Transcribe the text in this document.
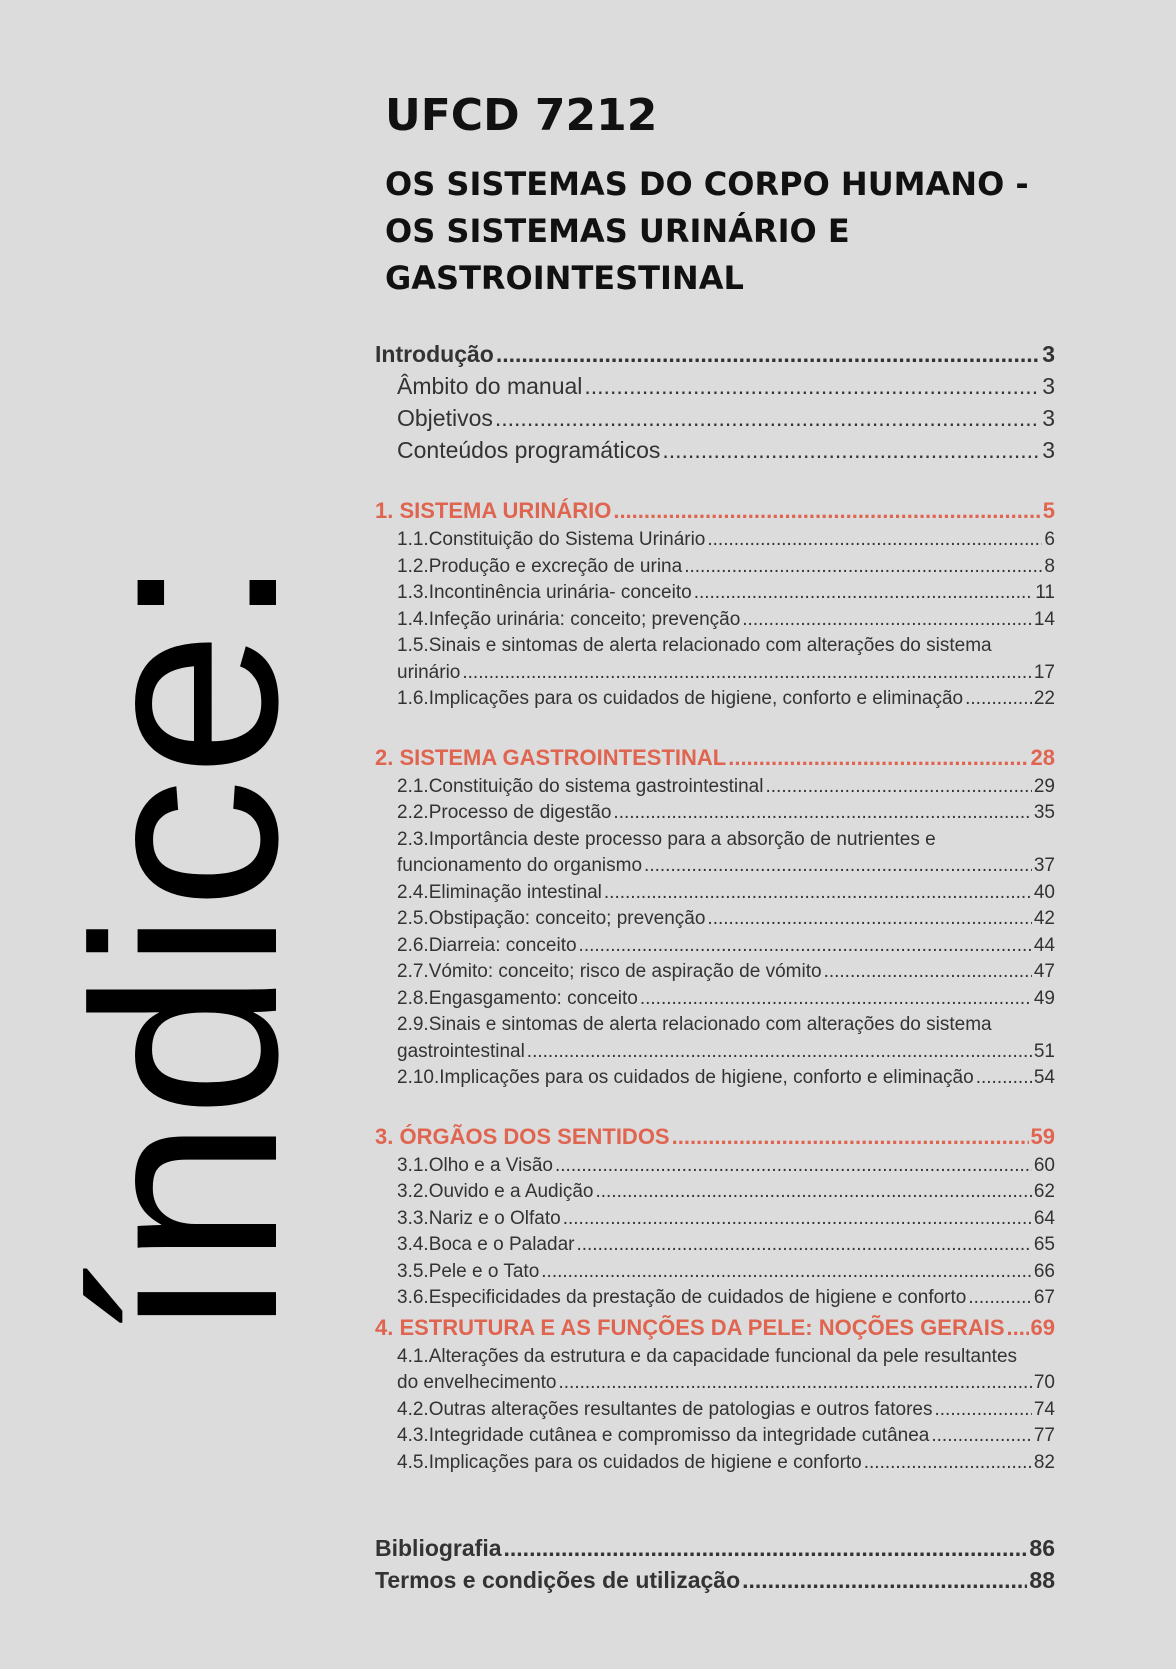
índice:
UFCD 7212
OS SISTEMAS DO CORPO HUMANO - OS SISTEMAS URINÁRIO E GASTROINTESTINAL
Introdução .....	3
Âmbito do manual .....	3
Objetivos .....	3
Conteúdos programáticos .....	3
1. SISTEMA URINÁRIO .....	5
1.1.Constituição do Sistema Urinário .....	6
1.2.Produção e excreção de urina .....	8
1.3.Incontinência urinária- conceito .....	11
1.4.Infeção urinária: conceito; prevenção .....	14
1.5.Sinais e sintomas de alerta relacionado com alterações do sistema
urinário .....	17
1.6.Implicações para os cuidados de higiene, conforto e eliminação .....	22
2. SISTEMA GASTROINTESTINAL .....	28
2.1.Constituição do sistema gastrointestinal .....	29
2.2.Processo de digestão .....	35
2.3.Importância deste processo para a absorção de nutrientes e
funcionamento do organismo .....	37
2.4.Eliminação intestinal .....	40
2.5.Obstipação: conceito; prevenção .....	42
2.6.Diarreia: conceito .....	44
2.7.Vómito: conceito; risco de aspiração de vómito .....	47
2.8.Engasgamento: conceito .....	49
2.9.Sinais e sintomas de alerta relacionado com alterações do sistema
gastrointestinal .....	51
2.10.Implicações para os cuidados de higiene, conforto e eliminação .....	54
3. ÓRGÃOS DOS SENTIDOS .....	59
3.1.Olho e a Visão .....	60
3.2.Ouvido e a Audição .....	62
3.3.Nariz e o Olfato .....	64
3.4.Boca e o Paladar .....	65
3.5.Pele e o Tato .....	66
3.6.Especificidades da prestação de cuidados de higiene e conforto .....	67
4. ESTRUTURA E AS FUNÇÕES DA PELE: NOÇÕES GERAIS ..... 69
4.1.Alterações da estrutura e da capacidade funcional da pele resultantes
do envelhecimento .....	70
4.2.Outras alterações resultantes de patologias e outros fatores .....	74
4.3.Integridade cutânea e compromisso da integridade cutânea .....	77
4.5.Implicações para os cuidados de higiene e conforto .....	82
Bibliografia .....	86
Termos e condições de utilização .....	88
